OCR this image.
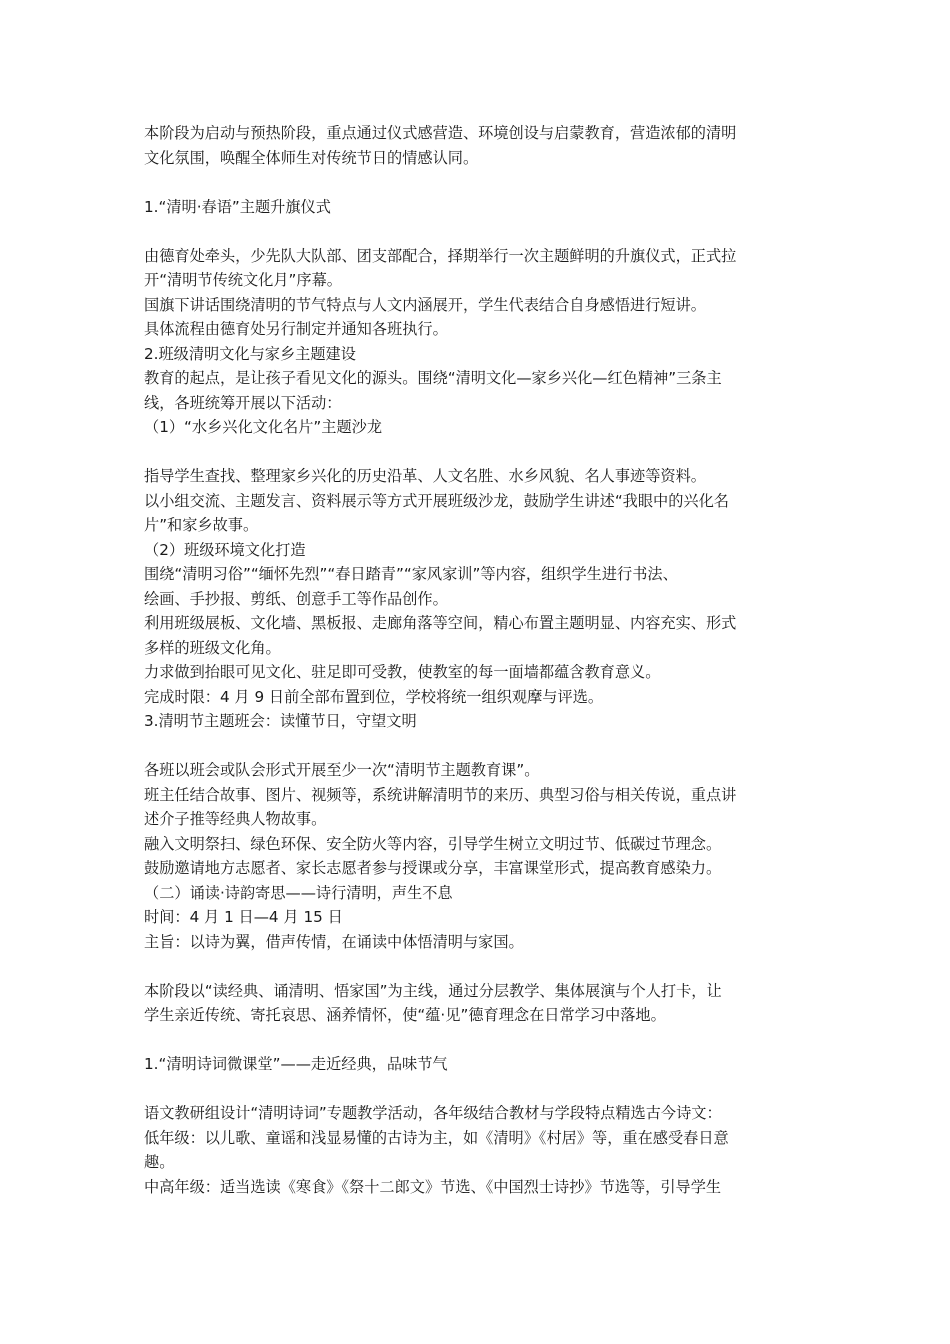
本阶段为启动与预热阶段，重点通过仪式感营造、环境创设与启蒙教育，营造浓郁的清明

文化氛围，唤醒全体师生对传统节日的情感认同。

1.“清明·春语”主题升旗仪式

由德育处牵头，少先队大队部、团支部配合，择期举行一次主题鲜明的升旗仪式，正式拉

开“清明节传统文化月”序幕。

国旗下讲话围绕清明的节气特点与人文内涵展开，学生代表结合自身感悟进行短讲。

具体流程由德育处另行制定并通知各班执行。

2.班级清明文化与家乡主题建设

教育的起点，是让孩子看见文化的源头。围绕“清明文化—家乡兴化—红色精神”三条主

线，各班统筹开展以下活动：

（1）“水乡兴化文化名片”主题沙龙

指导学生查找、整理家乡兴化的历史沿革、人文名胜、水乡风貌、名人事迹等资料。

以小组交流、主题发言、资料展示等方式开展班级沙龙，鼓励学生讲述“我眼中的兴化名

片”和家乡故事。

（2）班级环境文化打造

围绕“清明习俗”“缅怀先烈”“春日踏青”“家风家训”等内容，组织学生进行书法、

绘画、手抄报、剪纸、创意手工等作品创作。

利用班级展板、文化墙、黑板报、走廊角落等空间，精心布置主题明显、内容充实、形式

多样的班级文化角。

力求做到抬眼可见文化、驻足即可受教，使教室的每一面墙都蕴含教育意义。

完成时限：4 月 9 日前全部布置到位，学校将统一组织观摩与评选。

3.清明节主题班会：读懂节日，守望文明

各班以班会或队会形式开展至少一次“清明节主题教育课”。

班主任结合故事、图片、视频等，系统讲解清明节的来历、典型习俗与相关传说，重点讲

述介子推等经典人物故事。

融入文明祭扫、绿色环保、安全防火等内容，引导学生树立文明过节、低碳过节理念。

鼓励邀请地方志愿者、家长志愿者参与授课或分享，丰富课堂形式，提高教育感染力。

（二）诵读·诗韵寄思——诗行清明，声生不息

时间：4 月 1 日—4 月 15 日

主旨：以诗为翼，借声传情，在诵读中体悟清明与家国。

本阶段以“读经典、诵清明、悟家国”为主线，通过分层教学、集体展演与个人打卡，让

学生亲近传统、寄托哀思、涵养情怀，使“蕴·见”德育理念在日常学习中落地。

1.“清明诗词微课堂”——走近经典，品味节气

语文教研组设计“清明诗词”专题教学活动，各年级结合教材与学段特点精选古今诗文：

低年级：以儿歌、童谣和浅显易懂的古诗为主，如《清明》《村居》等，重在感受春日意

趣。

中高年级：适当选读《寒食》《祭十二郎文》节选、《中国烈士诗抄》节选等，引导学生
